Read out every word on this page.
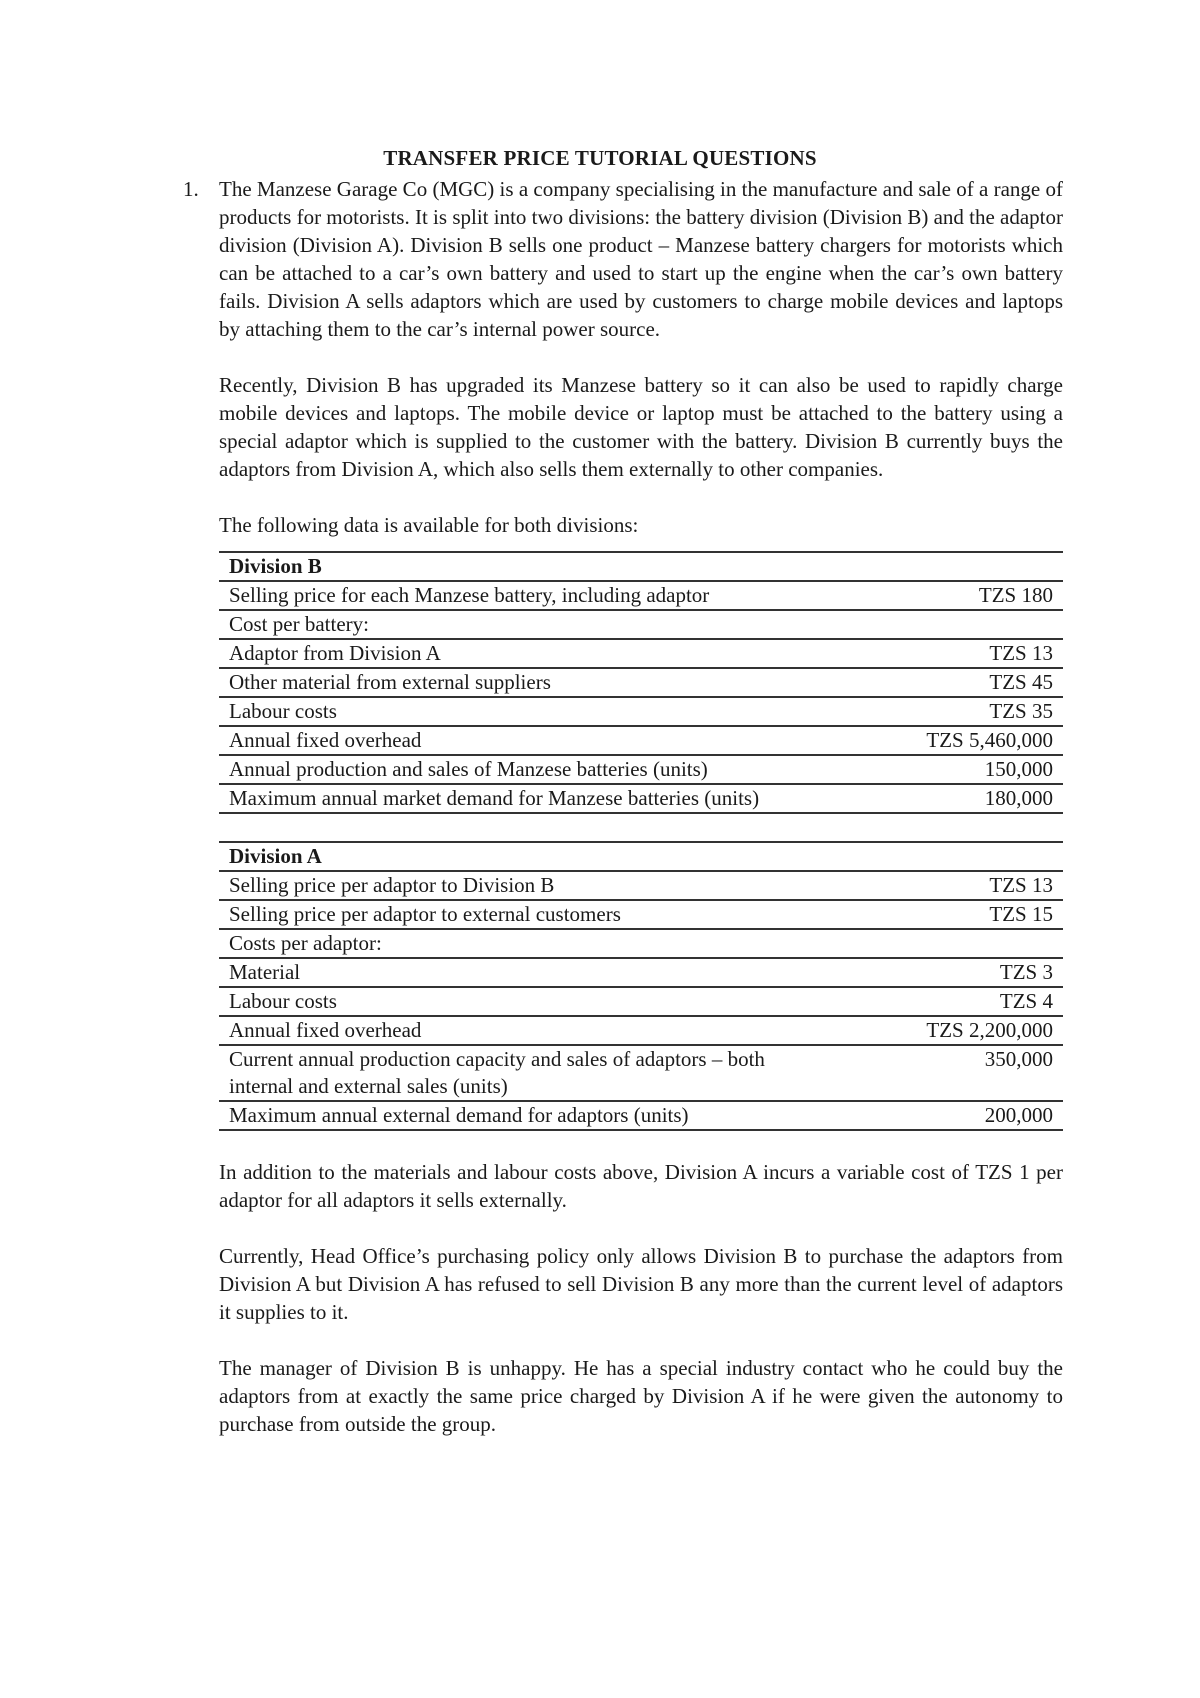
TRANSFER PRICE TUTORIAL QUESTIONS
1. The Manzese Garage Co (MGC) is a company specialising in the manufacture and sale of a range of products for motorists. It is split into two divisions: the battery division (Division B) and the adaptor division (Division A). Division B sells one product – Manzese battery chargers for motorists which can be attached to a car’s own battery and used to start up the engine when the car’s own battery fails. Division A sells adaptors which are used by customers to charge mobile devices and laptops by attaching them to the car’s internal power source.

Recently, Division B has upgraded its Manzese battery so it can also be used to rapidly charge mobile devices and laptops. The mobile device or laptop must be attached to the battery using a special adaptor which is supplied to the customer with the battery. Division B currently buys the adaptors from Division A, which also sells them externally to other companies.

The following data is available for both divisions:

Division B	
Selling price for each Manzese battery, including adaptor	TZS 180
Cost per battery:	
Adaptor from Division A	TZS 13
Other material from external suppliers	TZS 45
Labour costs	TZS 35
Annual fixed overhead	TZS 5,460,000
Annual production and sales of Manzese batteries (units)	150,000
Maximum annual market demand for Manzese batteries (units)	180,000
Division A	
Selling price per adaptor to Division B	TZS 13
Selling price per adaptor to external customers	TZS 15
Costs per adaptor:	
Material	TZS 3
Labour costs	TZS 4
Annual fixed overhead	TZS 2,200,000
Current annual production capacity and sales of adaptors – both internal and external sales (units)	350,000
Maximum annual external demand for adaptors (units)	200,000

In addition to the materials and labour costs above, Division A incurs a variable cost of TZS 1 per adaptor for all adaptors it sells externally.

Currently, Head Office’s purchasing policy only allows Division B to purchase the adaptors from Division A but Division A has refused to sell Division B any more than the current level of adaptors it supplies to it.

The manager of Division B is unhappy. He has a special industry contact who he could buy the adaptors from at exactly the same price charged by Division A if he were given the autonomy to purchase from outside the group.
